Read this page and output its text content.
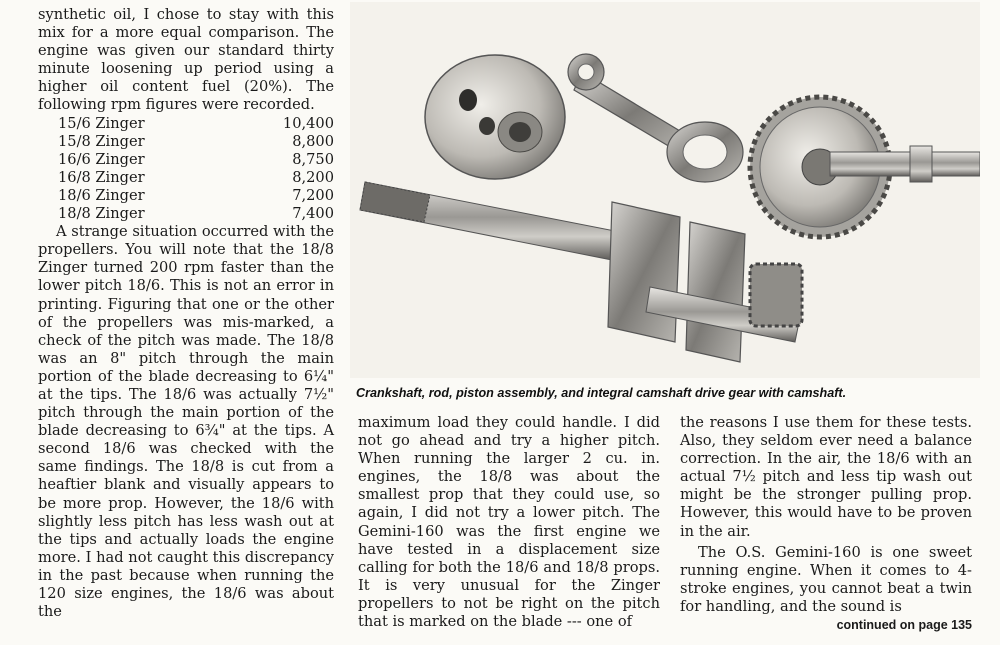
synthetic oil, I chose to stay with this mix for a more equal comparison. The engine was given our standard thirty minute loosening up period using a higher oil content fuel (20%). The following rpm figures were recorded.

15/6 Zinger	10,400
15/8 Zinger	8,800
16/6 Zinger	8,750
16/8 Zinger	8,200
18/6 Zinger	7,200
18/8 Zinger	7,400

A strange situation occurred with the propellers. You will note that the 18/8 Zinger turned 200 rpm faster than the lower pitch 18/6. This is not an error in printing. Figuring that one or the other of the propellers was mis-marked, a check of the pitch was made. The 18/8 was an 8" pitch through the main portion of the blade decreasing to 6¼" at the tips. The 18/6 was actually 7½" pitch through the main portion of the blade decreasing to 6¾" at the tips. A second 18/6 was checked with the same findings. The 18/8 is cut from a heaftier blank and visually appears to be more prop. However, the 18/6 with slightly less pitch has less wash out at the tips and actually loads the engine more. I had not caught this discrepancy in the past because when running the 120 size engines, the 18/6 was about the

Crankshaft, rod, piston assembly, and integral camshaft drive gear with camshaft.

maximum load they could handle. I did not go ahead and try a higher pitch. When running the larger 2 cu. in. engines, the 18/8 was about the smallest prop that they could use, so again, I did not try a lower pitch. The Gemini-160 was the first engine we have tested in a displacement size calling for both the 18/6 and 18/8 props. It is very unusual for the Zinger propellers to not be right on the pitch that is marked on the blade --- one of

the reasons I use them for these tests. Also, they seldom ever need a balance correction. In the air, the 18/6 with an actual 7½ pitch and less tip wash out might be the stronger pulling prop. However, this would have to be proven in the air.

The O.S. Gemini-160 is one sweet running engine. When it comes to 4-stroke engines, you cannot beat a twin for handling, and the sound is

continued on page 135
